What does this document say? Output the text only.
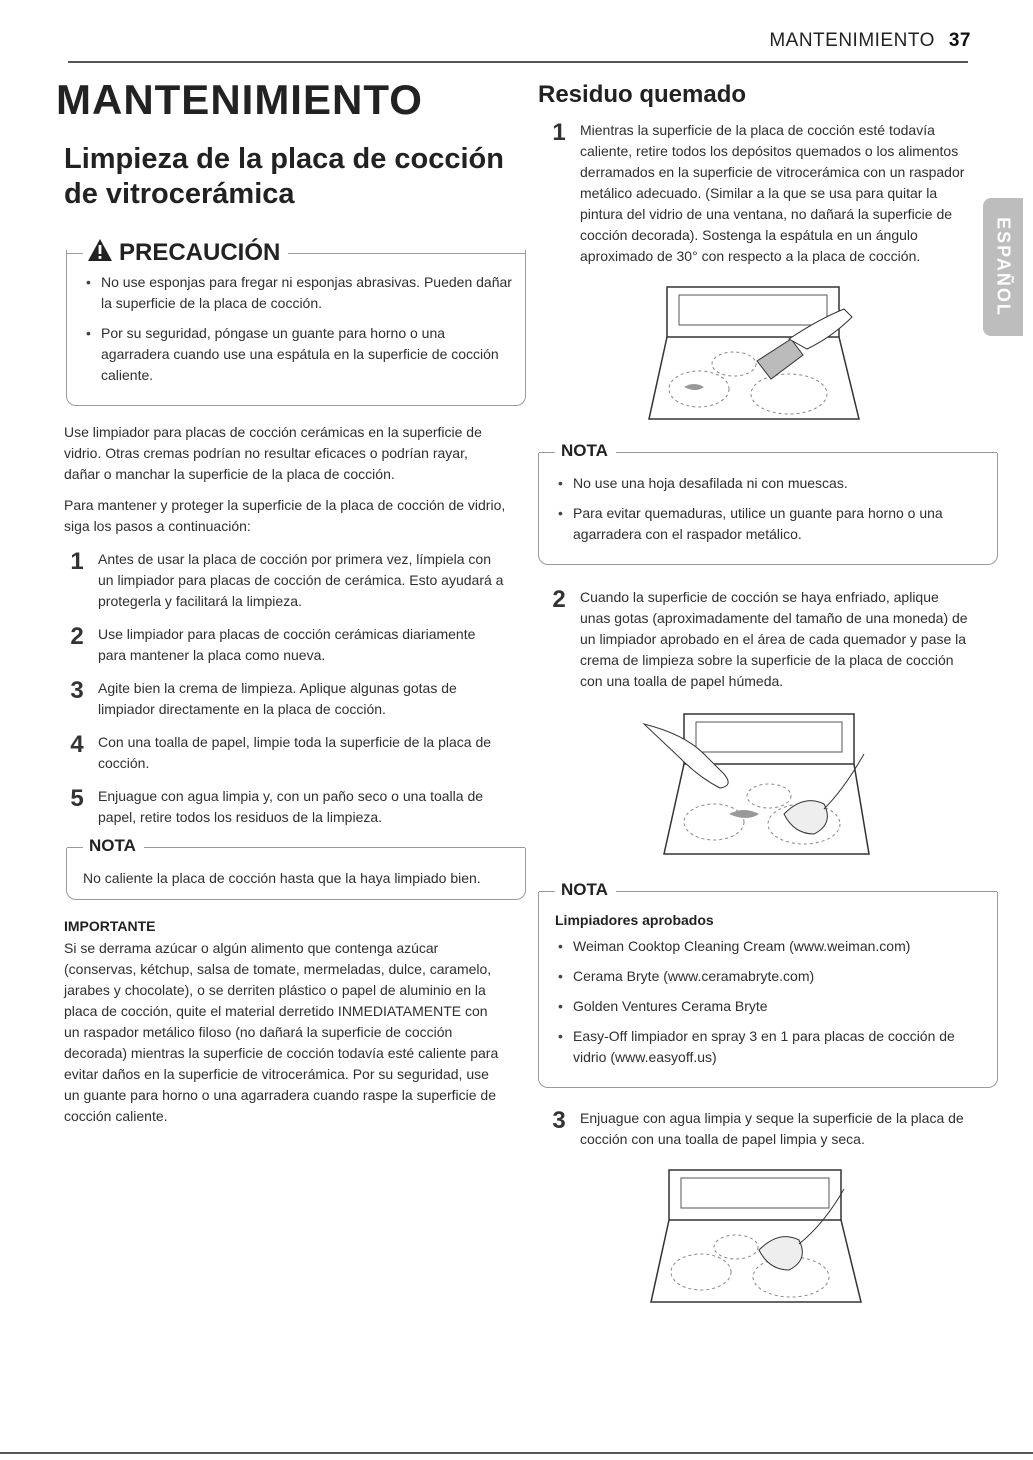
MANTENIMIENTO 37
MANTENIMIENTO
Limpieza de la placa de cocción de vitrocerámica
PRECAUCIÓN
• No use esponjas para fregar ni esponjas abrasivas. Pueden dañar la superficie de la placa de cocción.
• Por su seguridad, póngase un guante para horno o una agarradera cuando use una espátula en la superficie de cocción caliente.
Use limpiador para placas de cocción cerámicas en la superficie de vidrio. Otras cremas podrían no resultar eficaces o podrían rayar, dañar o manchar la superficie de la placa de cocción.
Para mantener y proteger la superficie de la placa de cocción de vidrio, siga los pasos a continuación:
1	Antes de usar la placa de cocción por primera vez, límpiela con un limpiador para placas de cocción de cerámica. Esto ayudará a protegerla y facilitará la limpieza.
2	Use limpiador para placas de cocción cerámicas diariamente para mantener la placa como nueva.
3	Agite bien la crema de limpieza. Aplique algunas gotas de limpiador directamente en la placa de cocción.
4	Con una toalla de papel, limpie toda la superficie de la placa de cocción.
5	Enjuague con agua limpia y, con un paño seco o una toalla de papel, retire todos los residuos de la limpieza.
NOTA
No caliente la placa de cocción hasta que la haya limpiado bien.
IMPORTANTE
Si se derrama azúcar o algún alimento que contenga azúcar (conservas, kétchup, salsa de tomate, mermeladas, dulce, caramelo, jarabes y chocolate), o se derriten plástico o papel de aluminio en la placa de cocción, quite el material derretido INMEDIATAMENTE con un raspador metálico filoso (no dañará la superficie de cocción decorada) mientras la superficie de cocción todavía esté caliente para evitar daños en la superficie de vitrocerámica. Por su seguridad, use un guante para horno o una agarradera cuando raspe la superficie de cocción caliente.
Residuo quemado
1	Mientras la superficie de la placa de cocción esté todavía caliente, retire todos los depósitos quemados o los alimentos derramados en la superficie de vitrocerámica con un raspador metálico adecuado. (Similar a la que se usa para quitar la pintura del vidrio de una ventana, no dañará la superficie de cocción decorada). Sostenga la espátula en un ángulo aproximado de 30° con respecto a la placa de cocción.
NOTA
• No use una hoja desafilada ni con muescas.
• Para evitar quemaduras, utilice un guante para horno o una agarradera con el raspador metálico.
2	Cuando la superficie de cocción se haya enfriado, aplique unas gotas (aproximadamente del tamaño de una moneda) de un limpiador aprobado en el área de cada quemador y pase la crema de limpieza sobre la superficie de la placa de cocción con una toalla de papel húmeda.
NOTA
Limpiadores aprobados
• Weiman Cooktop Cleaning Cream (www.weiman.com)
• Cerama Bryte (www.ceramabryte.com)
• Golden Ventures Cerama Bryte
• Easy-Off limpiador en spray 3 en 1 para placas de cocción de vidrio (www.easyoff.us)
3	Enjuague con agua limpia y seque la superficie de la placa de cocción con una toalla de papel limpia y seca.
ESPAÑOL
